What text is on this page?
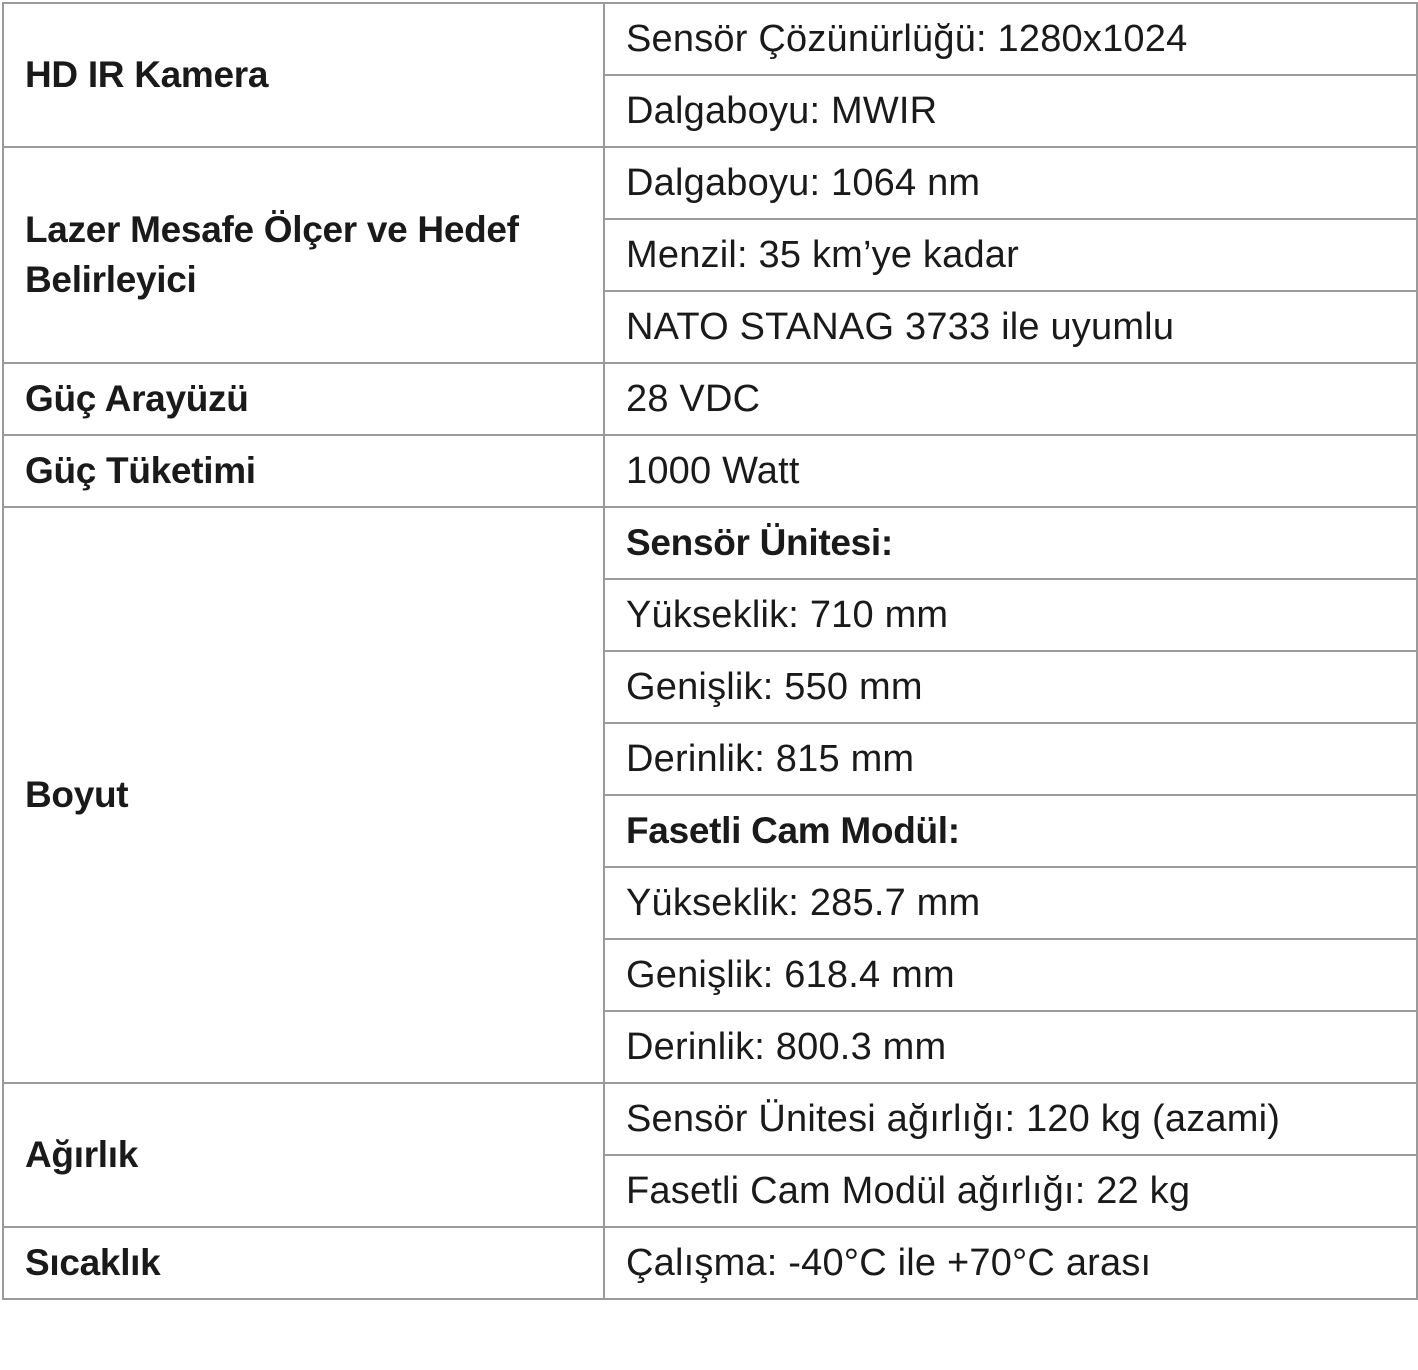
HD IR Kamera	Sensör Çözünürlüğü: 1280x1024
	Dalgaboyu: MWIR
Lazer Mesafe Ölçer ve Hedef Belirleyici	Dalgaboyu: 1064 nm
	Menzil: 35 km’ye kadar
	NATO STANAG 3733 ile uyumlu
Güç Arayüzü	28 VDC
Güç Tüketimi	1000 Watt
Boyut	Sensör Ünitesi:
	Yükseklik: 710 mm
	Genişlik: 550 mm
	Derinlik: 815 mm
	Fasetli Cam Modül:
	Yükseklik: 285.7 mm
	Genişlik: 618.4 mm
	Derinlik: 800.3 mm
Ağırlık	Sensör Ünitesi ağırlığı: 120 kg (azami)
	Fasetli Cam Modül ağırlığı: 22 kg
Sıcaklık	Çalışma: -40°C ile +70°C arası
